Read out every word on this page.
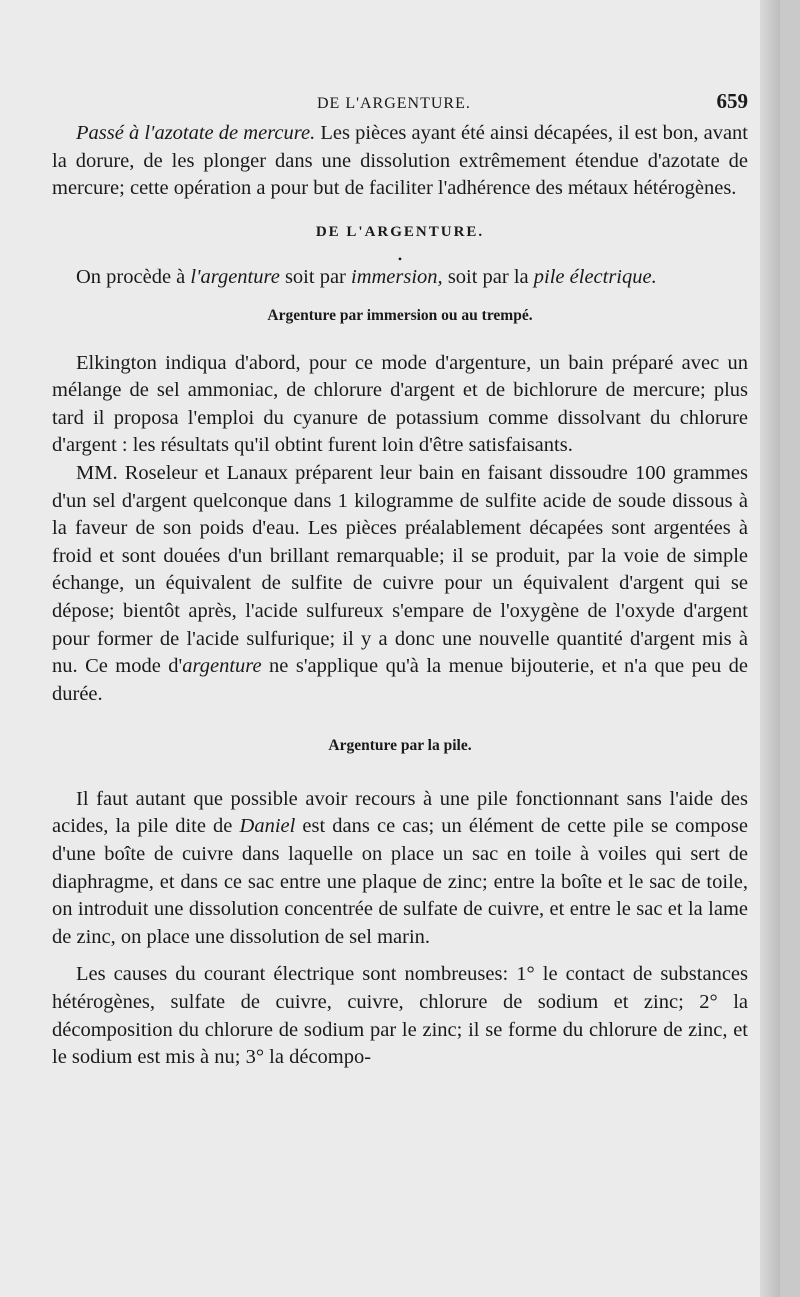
DE L'ARGENTURE.	659

Passé à l'azotate de mercure. Les pièces ayant été ainsi décapées, il est bon, avant la dorure, de les plonger dans une dissolution extrêmement étendue d'azotate de mercure; cette opération a pour but de faciliter l'adhérence des métaux hétérogènes.

DE L'ARGENTURE.
•

On procède à l'argenture soit par immersion, soit par la pile électrique.

Argenture par immersion ou au trempé.

Elkington indiqua d'abord, pour ce mode d'argenture, un bain préparé avec un mélange de sel ammoniac, de chlorure d'argent et de bichlorure de mercure; plus tard il proposa l'emploi du cyanure de potassium comme dissolvant du chlorure d'argent : les résultats qu'il obtint furent loin d'être satisfaisants.

MM. Roseleur et Lanaux préparent leur bain en faisant dissoudre 100 grammes d'un sel d'argent quelconque dans 1 kilogramme de sulfite acide de soude dissous à la faveur de son poids d'eau. Les pièces préalablement décapées sont argentées à froid et sont douées d'un brillant remarquable; il se produit, par la voie de simple échange, un équivalent de sulfite de cuivre pour un équivalent d'argent qui se dépose; bientôt après, l'acide sulfureux s'empare de l'oxygène de l'oxyde d'argent pour former de l'acide sulfurique; il y a donc une nouvelle quantité d'argent mis à nu. Ce mode d'argenture ne s'applique qu'à la menue bijouterie, et n'a que peu de durée.

Argenture par la pile.

Il faut autant que possible avoir recours à une pile fonctionnant sans l'aide des acides, la pile dite de Daniel est dans ce cas; un élément de cette pile se compose d'une boîte de cuivre dans laquelle on place un sac en toile à voiles qui sert de diaphragme, et dans ce sac entre une plaque de zinc; entre la boîte et le sac de toile, on introduit une dissolution concentrée de sulfate de cuivre, et entre le sac et la lame de zinc, on place une dissolution de sel marin.

Les causes du courant électrique sont nombreuses: 1° le contact de substances hétérogènes, sulfate de cuivre, cuivre, chlorure de sodium et zinc; 2° la décomposition du chlorure de sodium par le zinc; il se forme du chlorure de zinc, et le sodium est mis à nu; 3° la décompo-
